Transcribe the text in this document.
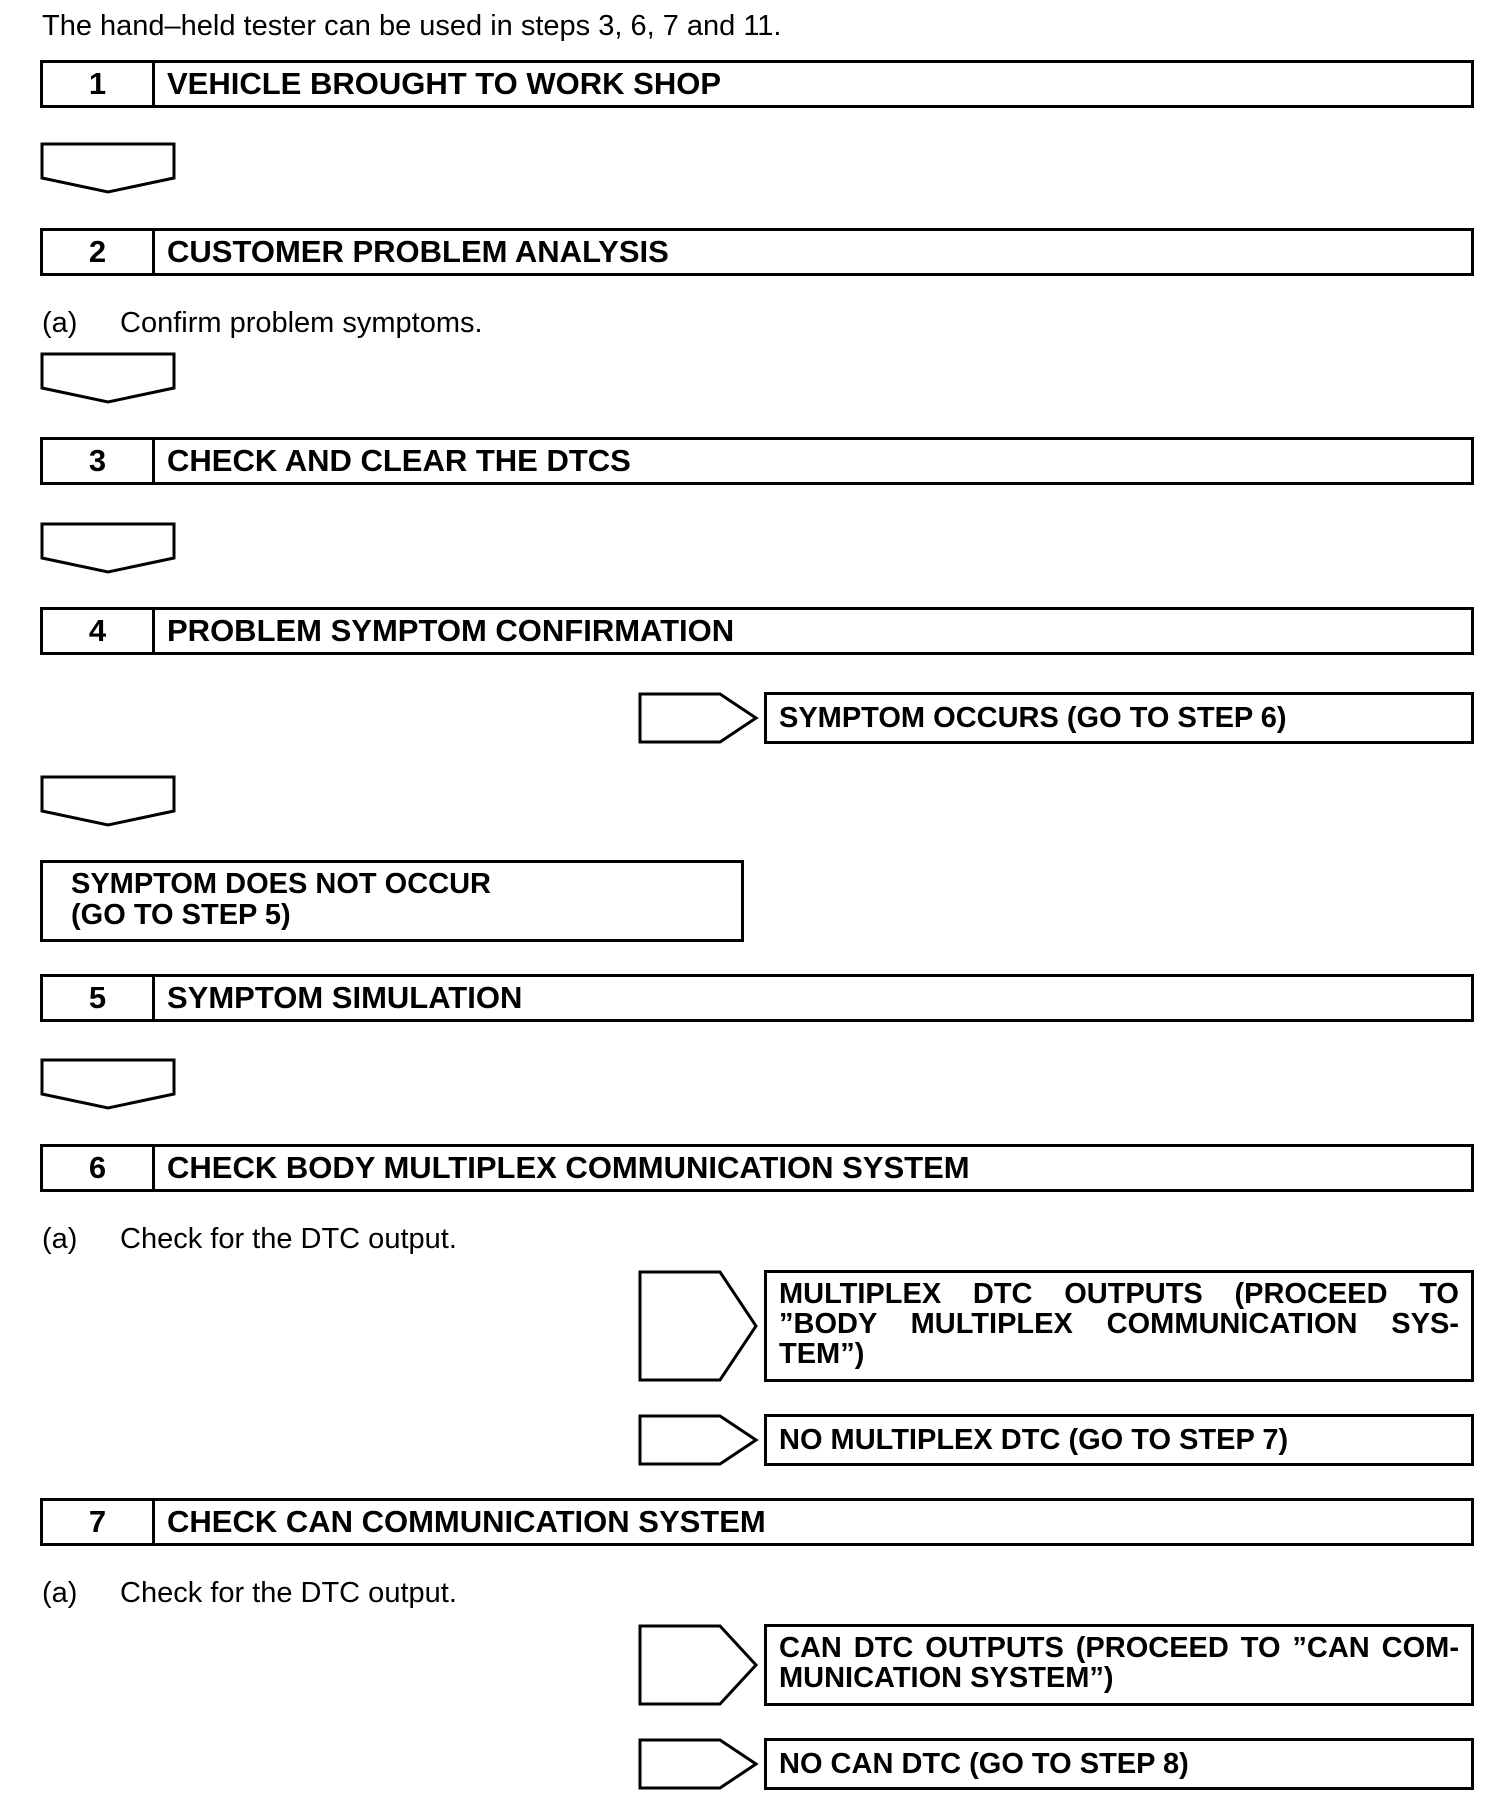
The hand–held tester can be used in steps 3, 6, 7 and 11.
1	VEHICLE BROUGHT TO WORK SHOP
2	CUSTOMER PROBLEM ANALYSIS
(a) Confirm problem symptoms.
3	CHECK AND CLEAR THE DTCS
4	PROBLEM SYMPTOM CONFIRMATION
SYMPTOM OCCURS (GO TO STEP 6)
SYMPTOM DOES NOT OCCUR
(GO TO STEP 5)
5	SYMPTOM SIMULATION
6	CHECK BODY MULTIPLEX COMMUNICATION SYSTEM
(a) Check for the DTC output.
MULTIPLEX DTC OUTPUTS (PROCEED TO ”BODY MULTIPLEX COMMUNICATION SYS- TEM”)
NO MULTIPLEX DTC (GO TO STEP 7)
7	CHECK CAN COMMUNICATION SYSTEM
(a) Check for the DTC output.
CAN DTC OUTPUTS (PROCEED TO ”CAN COM- MUNICATION SYSTEM”)
NO CAN DTC (GO TO STEP 8)
